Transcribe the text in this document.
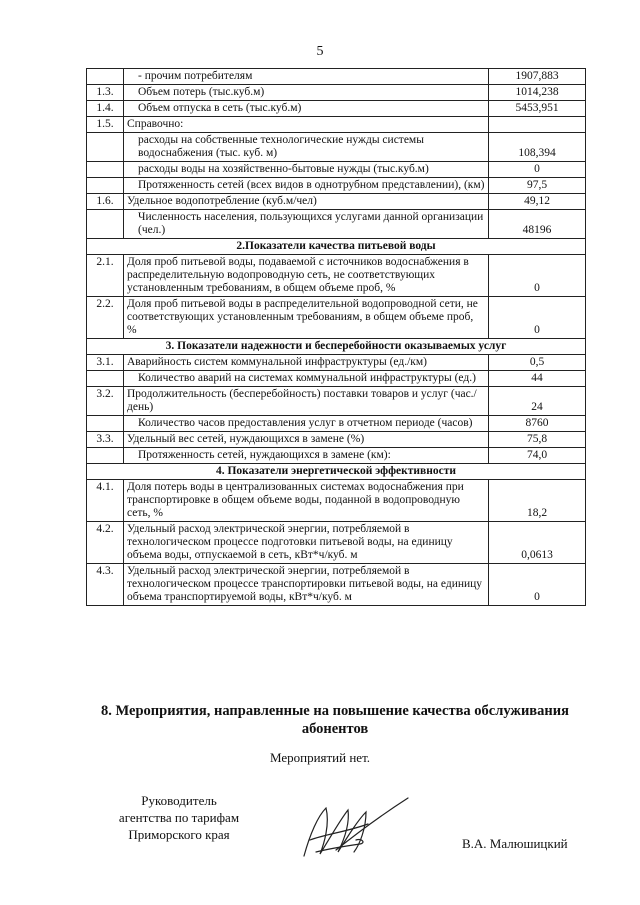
5
	- прочим потребителям	1907,883
1.3.	Объем потерь (тыс.куб.м)	1014,238
1.4.	Объем отпуска в сеть (тыс.куб.м)	5453,951
1.5.	Справочно:	
	расходы на собственные технологические нужды системы водоснабжения (тыс. куб. м)	108,394
	расходы воды на хозяйственно-бытовые нужды (тыс.куб.м)	0
	Протяженность сетей (всех видов в однотрубном представлении), (км)	97,5
1.6.	Удельное водопотребление (куб.м/чел)	49,12
	Численность населения, пользующихся услугами данной организации (чел.)	48196
2.Показатели качества питьевой воды		
2.1.	Доля проб питьевой воды, подаваемой с источников водоснабжения в распределительную водопроводную сеть, не соответствующих установленным требованиям, в общем объеме проб, %	0
2.2.	Доля проб питьевой воды в распределительной водопроводной сети, не соответствующих установленным требованиям, в общем объеме проб, %	0
3. Показатели надежности и бесперебойности оказываемых услуг		
3.1.	Аварийность систем коммунальной инфраструктуры (ед./км)	0,5
	Количество аварий на системах коммунальной инфраструктуры (ед.)	44
3.2.	Продолжительность (бесперебойность) поставки товаров и услуг (час./день)	24
	Количество часов предоставления услуг в отчетном периоде (часов)	8760
3.3.	Удельный вес сетей, нуждающихся в замене (%)	75,8
	Протяженность сетей, нуждающихся в замене (км):	74,0
4. Показатели энергетической эффективности		
4.1.	Доля потерь воды в централизованных системах водоснабжения при транспортировке в общем объеме воды, поданной в водопроводную сеть, %	18,2
4.2.	Удельный расход электрической энергии, потребляемой в технологическом процессе подготовки питьевой воды, на единицу объема воды, отпускаемой в сеть, кВт*ч/куб. м	0,0613
4.3.	Удельный расход электрической энергии, потребляемой в технологическом процессе транспортировки питьевой воды, на единицу объема транспортируемой воды, кВт*ч/куб. м	0
8. Мероприятия, направленные на повышение качества обслуживания абонентов
Мероприятий нет.
Руководитель
агентства по тарифам
Приморского края
В.А. Малюшицкий
